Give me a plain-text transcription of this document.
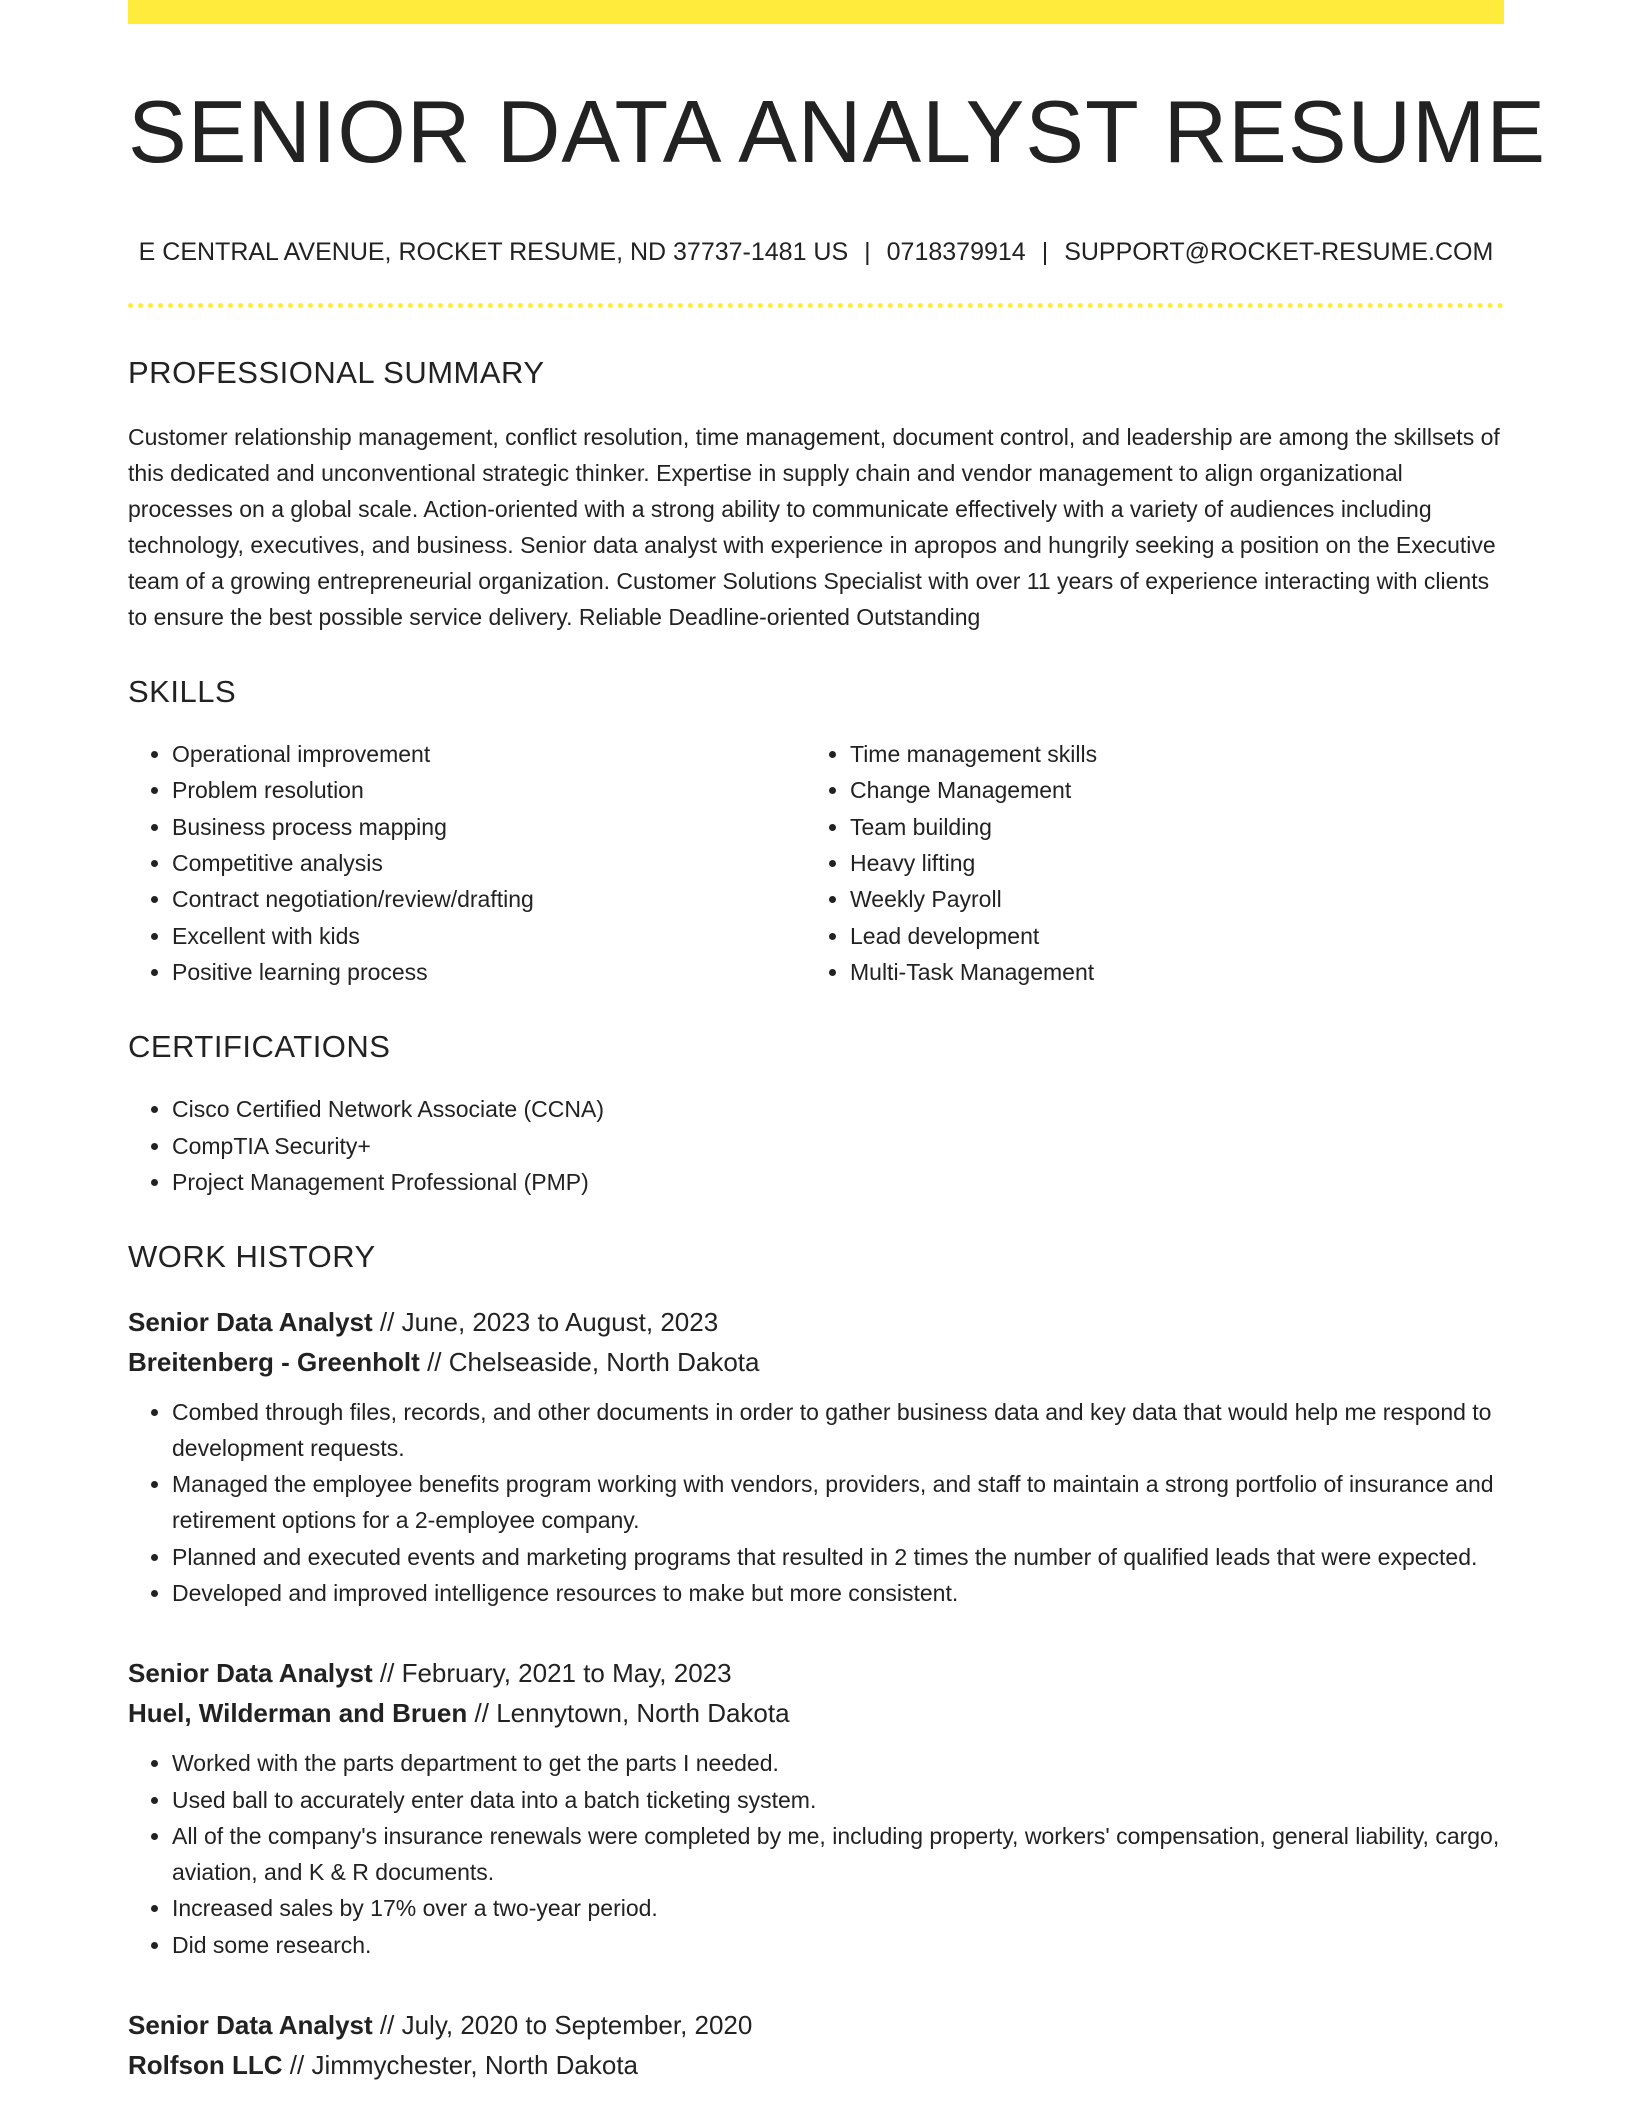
SENIOR DATA ANALYST RESUME
E CENTRAL AVENUE, ROCKET RESUME, ND 37737-1481 US | 0718379914 | SUPPORT@ROCKET-RESUME.COM
PROFESSIONAL SUMMARY

Customer relationship management, conflict resolution, time management, document control, and leadership are among the skillsets of this dedicated and unconventional strategic thinker. Expertise in supply chain and vendor management to align organizational processes on a global scale. Action-oriented with a strong ability to communicate effectively with a variety of audiences including technology, executives, and business. Senior data analyst with experience in apropos and hungrily seeking a position on the Executive team of a growing entrepreneurial organization. Customer Solutions Specialist with over 11 years of experience interacting with clients to ensure the best possible service delivery. Reliable Deadline-oriented Outstanding

SKILLS
• Operational improvement
• Problem resolution
• Business process mapping
• Competitive analysis
• Contract negotiation/review/drafting
• Excellent with kids
• Positive learning process
• Time management skills
• Change Management
• Team building
• Heavy lifting
• Weekly Payroll
• Lead development
• Multi-Task Management
CERTIFICATIONS
• Cisco Certified Network Associate (CCNA)
• CompTIA Security+
• Project Management Professional (PMP)
WORK HISTORY
Senior Data Analyst // June, 2023 to August, 2023
Breitenberg - Greenholt // Chelseaside, North Dakota
• Combed through files, records, and other documents in order to gather business data and key data that would help me respond to development requests.
• Managed the employee benefits program working with vendors, providers, and staff to maintain a strong portfolio of insurance and retirement options for a 2-employee company.
• Planned and executed events and marketing programs that resulted in 2 times the number of qualified leads that were expected.
• Developed and improved intelligence resources to make but more consistent.
Senior Data Analyst // February, 2021 to May, 2023
Huel, Wilderman and Bruen // Lennytown, North Dakota
• Worked with the parts department to get the parts I needed.
• Used ball to accurately enter data into a batch ticketing system.
• All of the company's insurance renewals were completed by me, including property, workers' compensation, general liability, cargo, aviation, and K & R documents.
• Increased sales by 17% over a two-year period.
• Did some research.
Senior Data Analyst // July, 2020 to September, 2020
Rolfson LLC // Jimmychester, North Dakota
